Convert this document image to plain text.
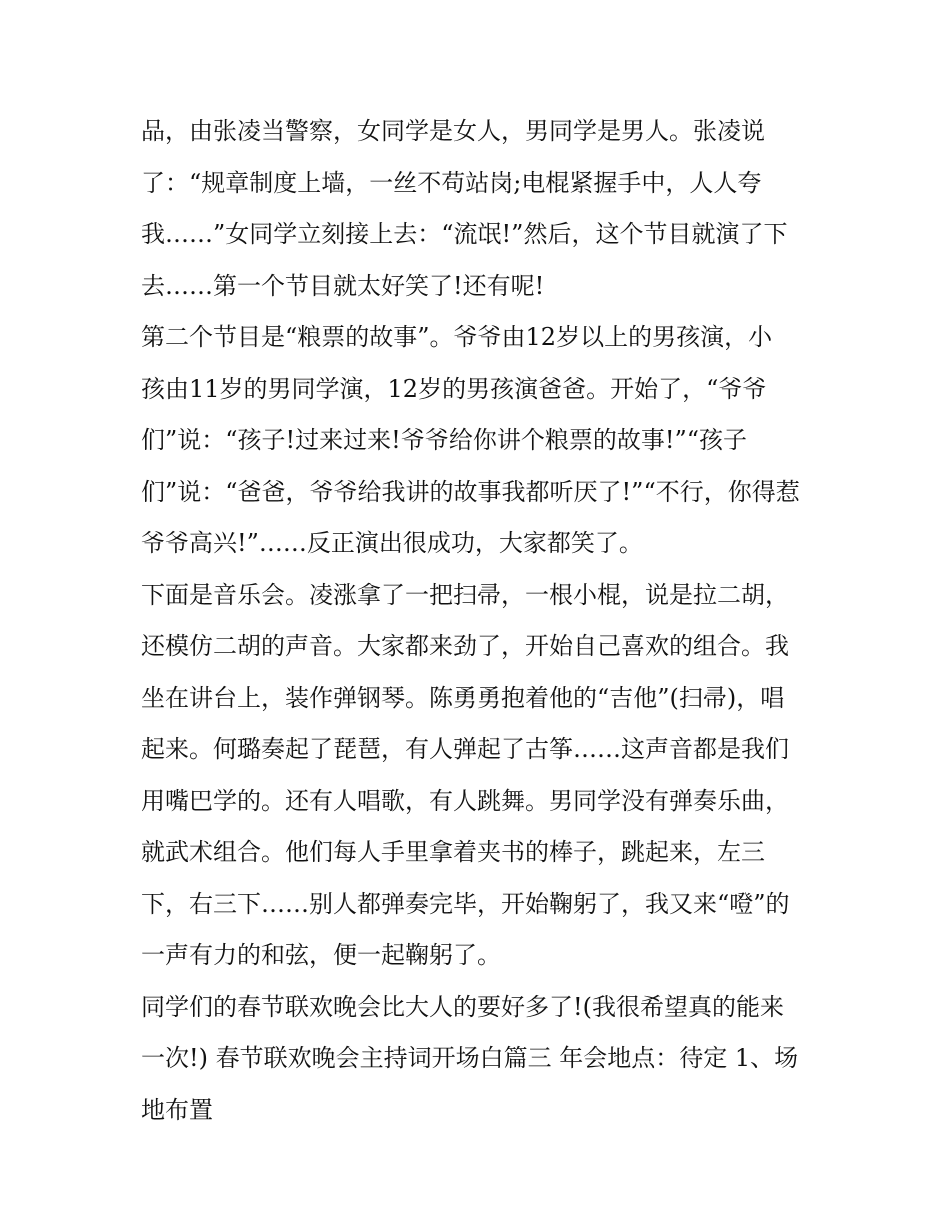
品，由张凌当警察，女同学是女人，男同学是男人。张凌说
了：“规章制度上墙，一丝不苟站岗;电棍紧握手中，人人夸
我……”女同学立刻接上去：“流氓!”然后，这个节目就演了下
去……第一个节目就太好笑了!还有呢!
第二个节目是“粮票的故事”。爷爷由12岁以上的男孩演，小
孩由11岁的男同学演，12岁的男孩演爸爸。开始了，“爷爷
们”说：“孩子!过来过来!爷爷给你讲个粮票的故事!”“孩子
们”说：“爸爸，爷爷给我讲的故事我都听厌了!”“不行，你得惹
爷爷高兴!”……反正演出很成功，大家都笑了。
下面是音乐会。凌涨拿了一把扫帚，一根小棍，说是拉二胡，
还模仿二胡的声音。大家都来劲了，开始自己喜欢的组合。我
坐在讲台上，装作弹钢琴。陈勇勇抱着他的“吉他”(扫帚)，唱
起来。何璐奏起了琵琶，有人弹起了古筝……这声音都是我们
用嘴巴学的。还有人唱歌，有人跳舞。男同学没有弹奏乐曲，
就武术组合。他们每人手里拿着夹书的棒子，跳起来，左三
下，右三下……别人都弹奏完毕，开始鞠躬了，我又来“噔”的
一声有力的和弦，便一起鞠躬了。
同学们的春节联欢晚会比大人的要好多了!(我很希望真的能来
一次!) 春节联欢晚会主持词开场白篇三 年会地点：待定 1、场
地布置
